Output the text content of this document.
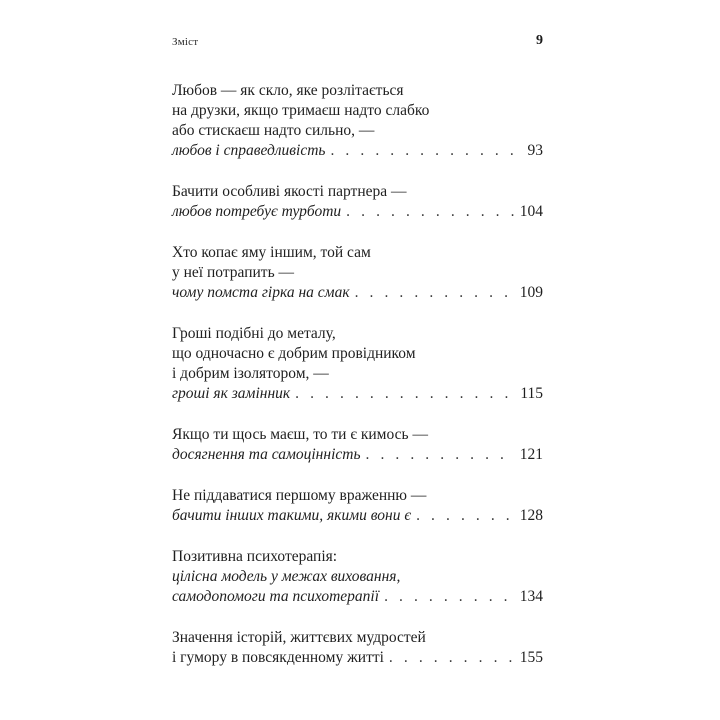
Зміст	9
Любов — як скло, яке розлітається
на друзки, якщо тримаєш надто слабко
або стискаєш надто сильно, —
любов і справедливість . . .	93
Бачити особливі якості партнера —
любов потребує турботи . . .	104
Хто копає яму іншим, той сам
у неї потрапить —
чому помста гірка на смак . . .	109
Гроші подібні до металу,
що одночасно є добрим провідником
і добрим ізолятором, —
гроші як замінник . . .	115
Якщо ти щось маєш, то ти є кимось —
досягнення та самоцінність . . .	121
Не піддаватися першому враженню —
бачити інших такими, якими вони є . . .	128
Позитивна психотерапія:
цілісна модель у межах виховання,
самодопомоги та психотерапії . . .	134
Значення історій, життєвих мудростей
і гумору в повсякденному житті . . .	155
